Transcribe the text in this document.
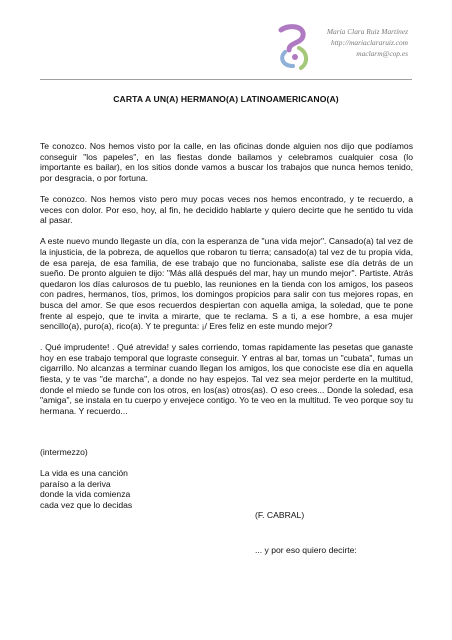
María Clara Ruiz Martínez
http://mariaclararuiz.com
maclarm@cop.es
CARTA A UN(A) HERMANO(A) LATINOAMERICANO(A)

Te conozco. Nos hemos visto por la calle, en las oficinas donde alguien nos dijo que podíamos conseguir "los papeles", en las fiestas donde bailamos y celebramos cualquier cosa (lo importante es bailar), en los sitios donde vamos a buscar los trabajos que nunca hemos tenido, por desgracia, o por fortuna.

Te conozco. Nos hemos visto pero muy pocas veces nos hemos encontrado, y te recuerdo, a veces con dolor. Por eso, hoy, al fin, he decidido hablarte y quiero decirte que he sentido tu vida al pasar.

A este nuevo mundo llegaste un día, con la esperanza de "una vida mejor". Cansado(a) tal vez de la injusticia, de la pobreza, de aquellos que robaron tu tierra; cansado(a) tal vez de tu propia vida, de esa pareja, de esa familia, de ese trabajo que no funcionaba, saliste ese día detrás de un sueño. De pronto alguien te dijo: "Más allá después del mar, hay un mundo mejor". Partiste. Atrás quedaron los días calurosos de tu pueblo, las reuniones en la tienda con los amigos, los paseos con padres, hermanos, tíos, primos, los domingos propicios para salir con tus mejores ropas, en busca del amor. Se que esos recuerdos despiertan con aquella amiga, la soledad, que te pone frente al espejo, que te invita a mirarte, que te reclama. S a ti, a ese hombre, a esa mujer sencillo(a), puro(a), rico(a). Y te pregunta: ¡/ Eres feliz en este mundo mejor?

. Qué imprudente! . Qué atrevida! y sales corriendo, tomas rapidamente las pesetas que ganaste hoy en ese trabajo temporal que lograste conseguir. Y entras al bar, tomas un "cubata", fumas un cigarrillo. No alcanzas a terminar cuando llegan los amigos, los que conociste ese día en aquella fiesta, y te vas "de marcha", a donde no hay espejos. Tal vez sea mejor perderte en la multitud, donde el miedo se funde con los otros, en los(as) otros(as). O eso crees... Donde la soledad, esa "amiga", se instala en tu cuerpo y envejece contigo. Yo te veo en la multitud. Te veo porque soy tu hermana. Y recuerdo...

(intermezzo)
La vida es una canción
paraíso a la deriva
donde la vida comienza
cada vez que lo decidas
(F. CABRAL)
... y por eso quiero decirte:
